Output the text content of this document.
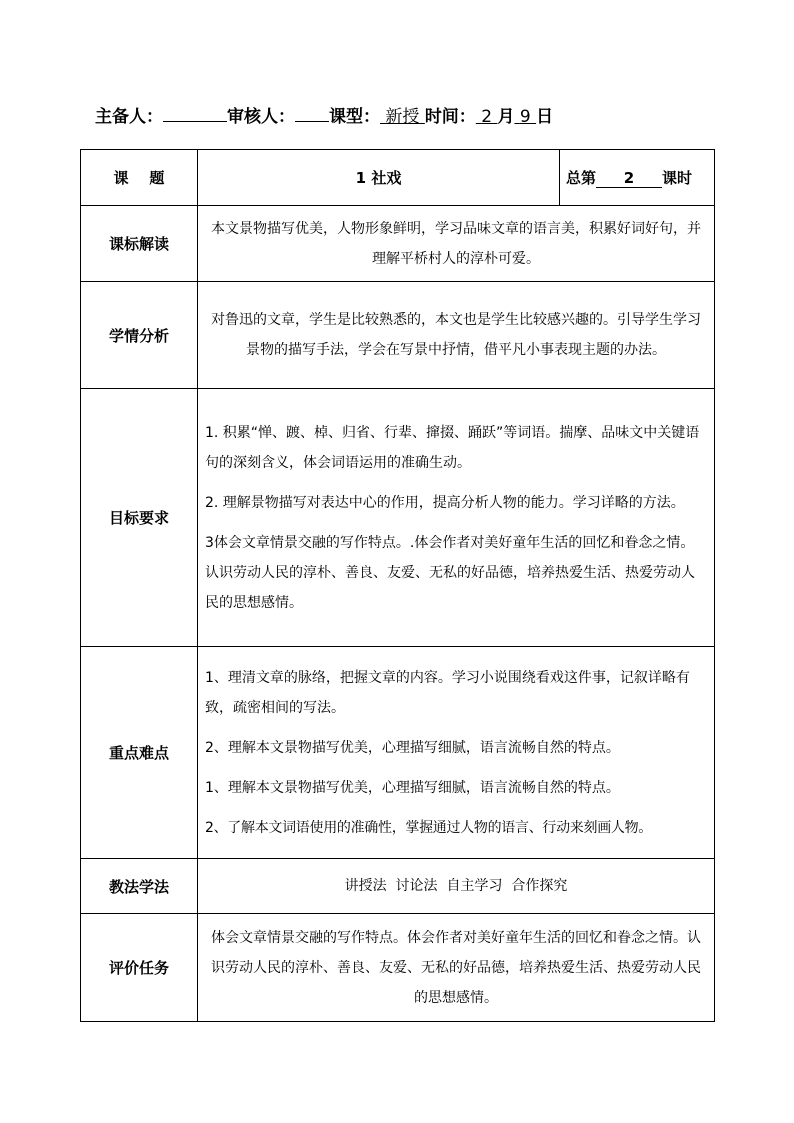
主备人：	审核人： 课型： 新授 时间： 2 月 9 日
课    题	1 社戏	总第 2 课时
课标解读	本文景物描写优美，人物形象鲜明，学习品味文章的语言美，积累好词好句，并理解平桥村人的淳朴可爱。	
学情分析	对鲁迅的文章，学生是比较熟悉的，本文也是学生比较感兴趣的。引导学生学习景物的描写手法，学会在写景中抒情，借平凡小事表现主题的办法。	
目标要求	1. 积累“惮、踱、棹、归省、行辈、撺掇、踊跃”等词语。揣摩、品味文中关键语句的深刻含义，体会词语运用的准确生动。

2. 理解景物描写对表达中心的作用，提高分析人物的能力。学习详略的方法。

3体会文章情景交融的写作特点。.体会作者对美好童年生活的回忆和眷念之情。认识劳动人民的淳朴、善良、友爱、无私的好品德，培养热爱生活、热爱劳动人民的思想感情。	

重点难点	1、理清文章的脉络，把握文章的内容。学习小说围绕看戏这件事，记叙详略有致，疏密相间的写法。

2、理解本文景物描写优美，心理描写细腻，语言流畅自然的特点。

1、理解本文景物描写优美，心理描写细腻，语言流畅自然的特点。

2、了解本文词语使用的准确性，掌握通过人物的语言、行动来刻画人物。	

教法学法	讲授法  讨论法  自主学习  合作探究	
评价任务	体会文章情景交融的写作特点。体会作者对美好童年生活的回忆和眷念之情。认识劳动人民的淳朴、善良、友爱、无私的好品德，培养热爱生活、热爱劳动人民的思想感情。	
